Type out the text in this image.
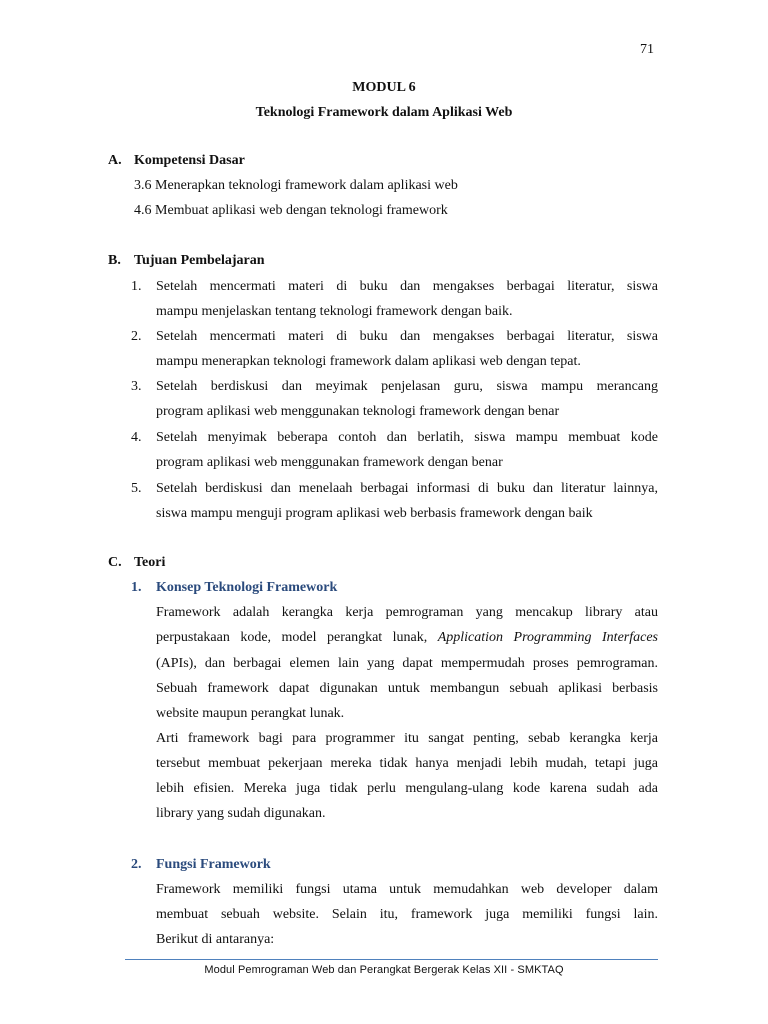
71
MODUL 6
Teknologi Framework dalam Aplikasi Web
A. Kompetensi Dasar
3.6 Menerapkan teknologi framework dalam aplikasi web
4.6 Membuat aplikasi web dengan teknologi framework
B. Tujuan Pembelajaran
1. Setelah mencermati materi di buku dan mengakses berbagai literatur, siswa
mampu menjelaskan tentang teknologi framework dengan baik.
2. Setelah mencermati materi di buku dan mengakses berbagai literatur, siswa
mampu menerapkan teknologi framework dalam aplikasi web dengan tepat.
3. Setelah berdiskusi dan meyimak penjelasan guru, siswa mampu merancang
program aplikasi web menggunakan teknologi framework dengan benar
4. Setelah menyimak beberapa contoh dan berlatih, siswa mampu membuat kode
program aplikasi web menggunakan framework dengan benar
5. Setelah berdiskusi dan menelaah berbagai informasi di buku dan literatur lainnya,
siswa mampu menguji program aplikasi web berbasis framework dengan baik
C. Teori
1. Konsep Teknologi Framework
Framework adalah kerangka kerja pemrograman yang mencakup library atau
perpustakaan kode, model perangkat lunak, Application Programming Interfaces
(APIs), dan berbagai elemen lain yang dapat mempermudah proses pemrograman.
Sebuah framework dapat digunakan untuk membangun sebuah aplikasi berbasis
website maupun perangkat lunak.
Arti framework bagi para programmer itu sangat penting, sebab kerangka kerja
tersebut membuat pekerjaan mereka tidak hanya menjadi lebih mudah, tetapi juga
lebih efisien. Mereka juga tidak perlu mengulang-ulang kode karena sudah ada
library yang sudah digunakan.
2. Fungsi Framework
Framework memiliki fungsi utama untuk memudahkan web developer dalam
membuat sebuah website. Selain itu, framework juga memiliki fungsi lain.
Berikut di antaranya:
Modul Pemrograman Web dan Perangkat Bergerak Kelas XII - SMKTAQ
